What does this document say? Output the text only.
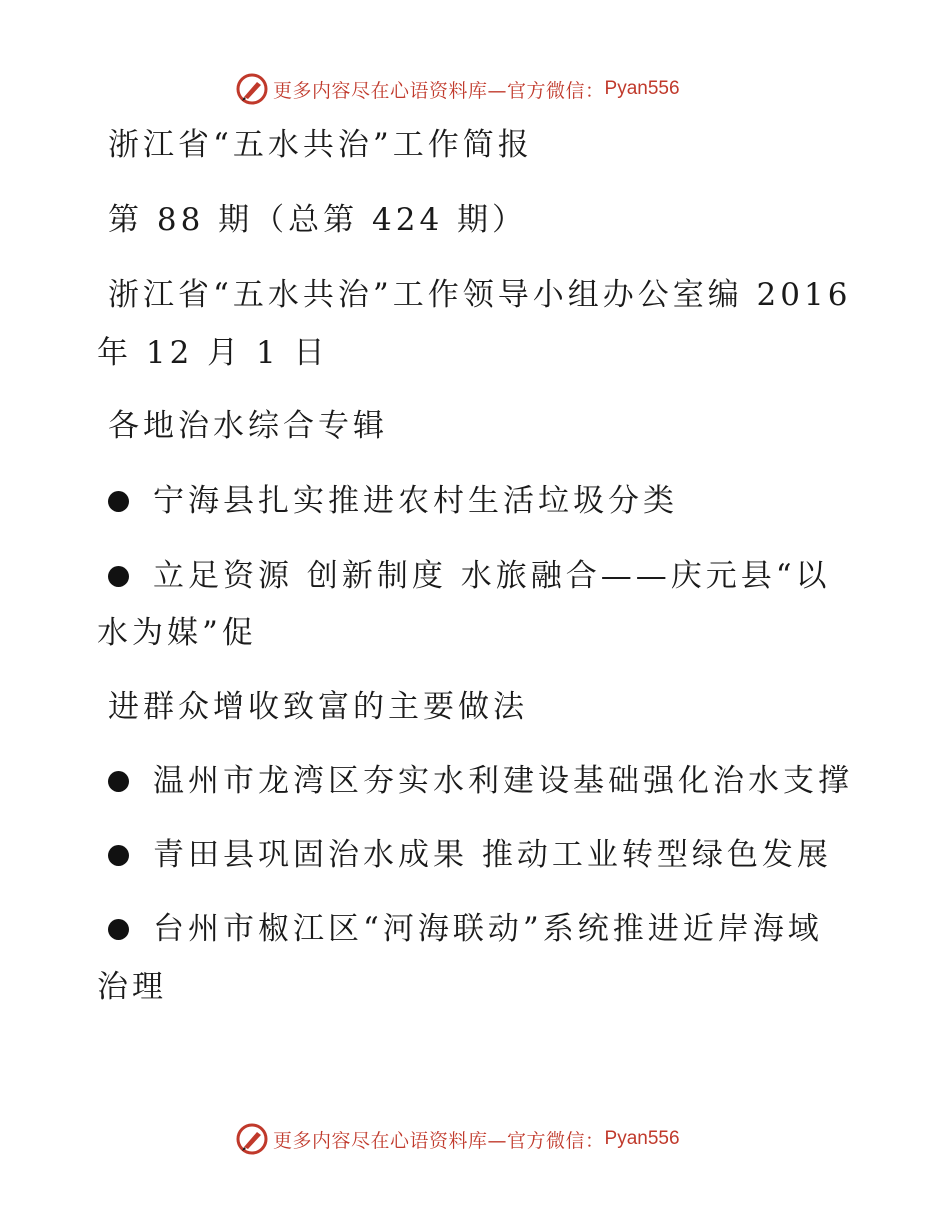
更多内容尽在心语资料库—官方微信： Pyan556
浙江省“五水共治”工作简报
第 88 期（总第 424 期）
浙江省“五水共治”工作领导小组办公室编 2016
年 12 月 1 日
各地治水综合专辑
宁海县扎实推进农村生活垃圾分类
立足资源 创新制度 水旅融合——庆元县“以
水为媒”促
进群众增收致富的主要做法
温州市龙湾区夯实水利建设基础强化治水支撑
青田县巩固治水成果 推动工业转型绿色发展
台州市椒江区“河海联动”系统推进近岸海域
治理
更多内容尽在心语资料库—官方微信： Pyan556
